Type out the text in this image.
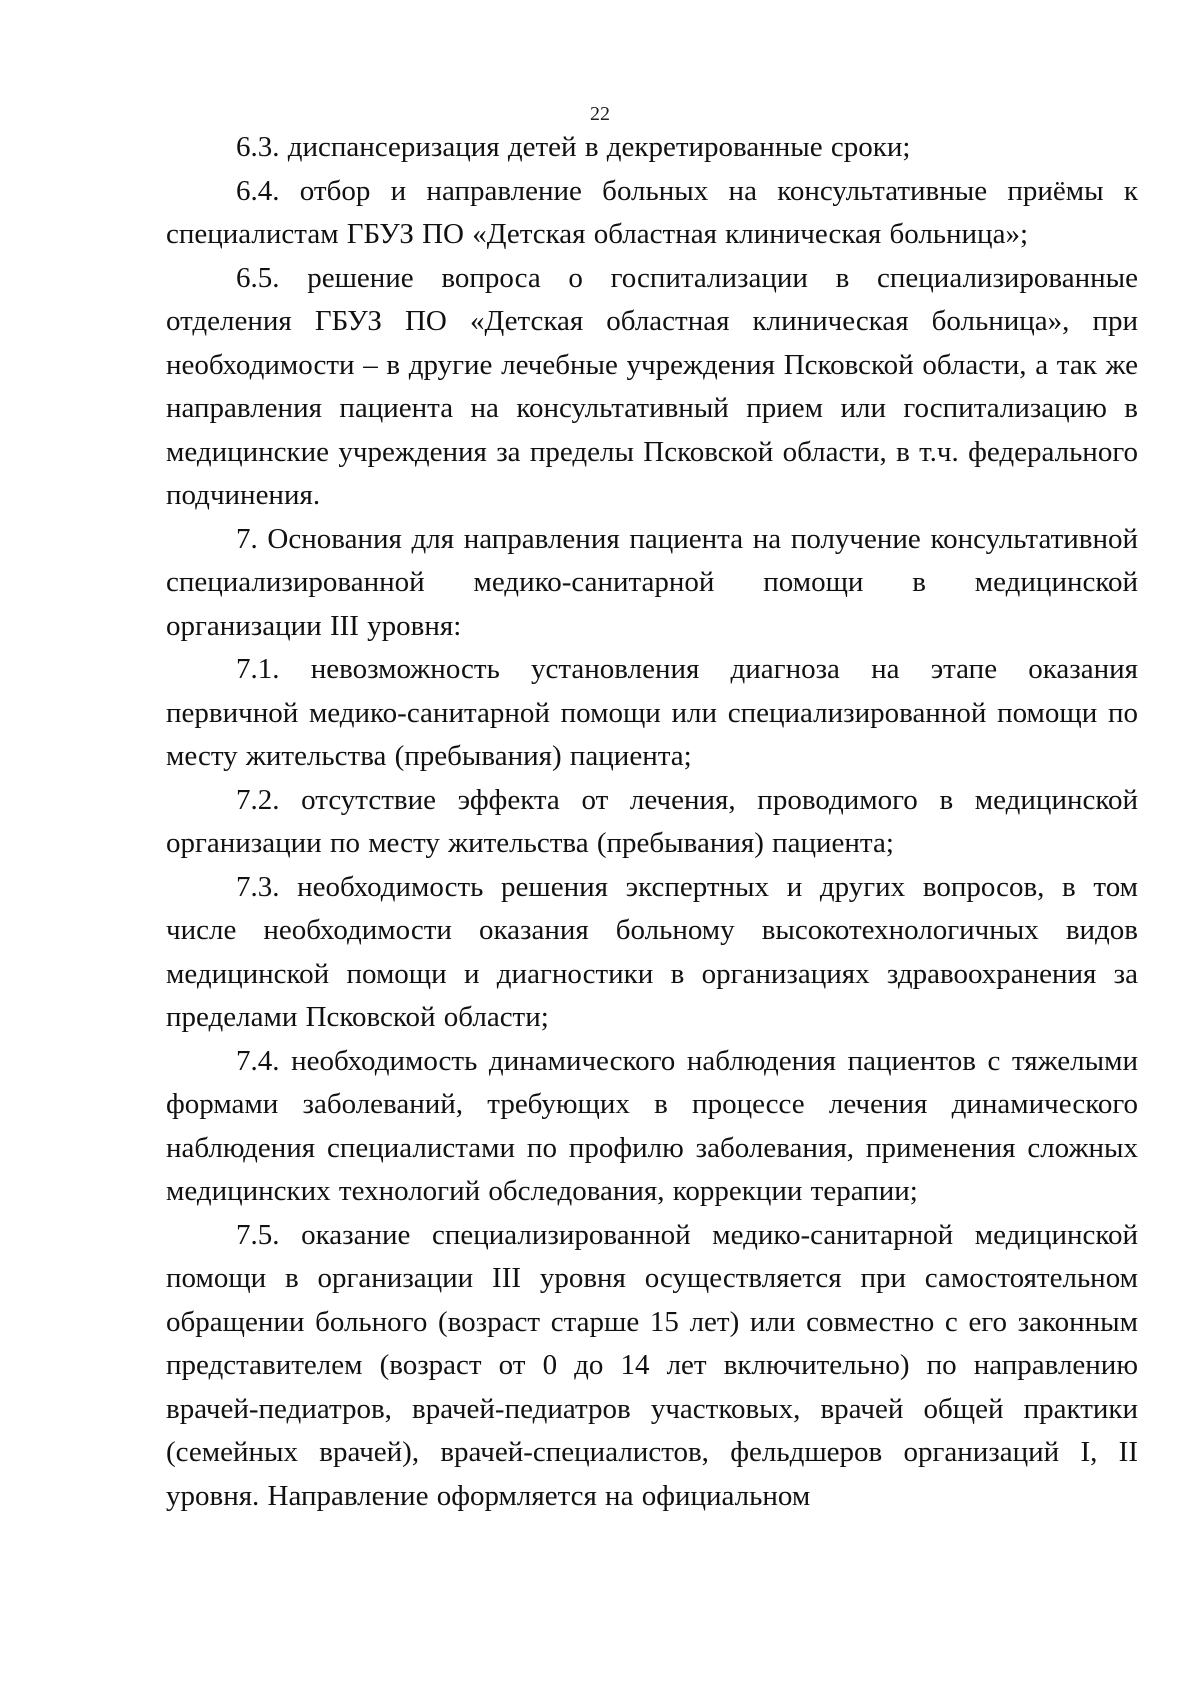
22

6.3. диспансеризация детей в декретированные сроки;

6.4. отбор и направление больных на консультативные приёмы к специалистам ГБУЗ ПО «Детская областная клиническая больница»;

6.5. решение вопроса о госпитализации в специализированные отделения ГБУЗ ПО «Детская областная клиническая больница», при необходимости – в другие лечебные учреждения Псковской области, а так же направления пациента на консультативный прием или госпитализацию в медицинские учреждения за пределы Псковской области, в т.ч. федерального подчинения.

7. Основания для направления пациента на получение консультативной специализированной медико-санитарной помощи в медицинской организации III уровня:

7.1. невозможность установления диагноза на этапе оказания первичной медико-санитарной помощи или специализированной помощи по месту жительства (пребывания) пациента;

7.2. отсутствие эффекта от лечения, проводимого в медицинской организации по месту жительства (пребывания) пациента;

7.3. необходимость решения экспертных и других вопросов, в том числе необходимости оказания больному высокотехнологичных видов медицинской помощи и диагностики в организациях здравоохранения за пределами Псковской области;

7.4. необходимость динамического наблюдения пациентов с тяжелыми формами заболеваний, требующих в процессе лечения динамического наблюдения специалистами по профилю заболевания, применения сложных медицинских технологий обследования, коррекции терапии;

7.5. оказание специализированной медико-санитарной медицинской помощи в организации III уровня осуществляется при самостоятельном обращении больного (возраст старше 15 лет) или совместно с его законным представителем (возраст от 0 до 14 лет включительно) по направлению врачей-педиатров, врачей-педиатров участковых, врачей общей практики (семейных врачей), врачей-специалистов, фельдшеров организаций I, II уровня. Направление оформляется на официальном
